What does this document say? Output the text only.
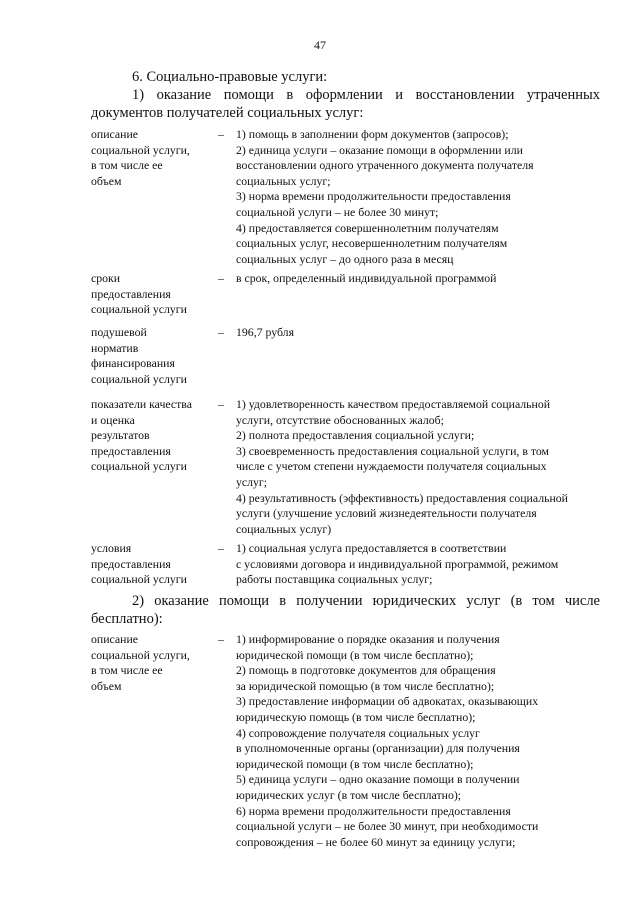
47
6. Социально-правовые услуги:
1) оказание помощи в оформлении и восстановлении утраченных
документов получателей социальных услуг:
описание
социальной услуги,
в том числе ее
объем
– 1) помощь в заполнении форм документов (запросов);
2) единица услуги – оказание помощи в оформлении или
восстановлении одного утраченного документа получателя
социальных услуг;
3) норма времени продолжительности предоставления
социальной услуги – не более 30 минут;
4) предоставляется совершеннолетним получателям
социальных услуг, несовершеннолетним получателям
социальных услуг – до одного раза в месяц
сроки
предоставления
социальной услуги
– в срок, определенный индивидуальной программой
подушевой
норматив
финансирования
социальной услуги
– 196,7 рубля
показатели качества
и оценка
результатов
предоставления
социальной услуги
– 1) удовлетворенность качеством предоставляемой социальной
услуги, отсутствие обоснованных жалоб;
2) полнота предоставления социальной услуги;
3) своевременность предоставления социальной услуги, в том
числе с учетом степени нуждаемости получателя социальных
услуг;
4) результативность (эффективность) предоставления социальной
услуги (улучшение условий жизнедеятельности получателя
социальных услуг)
условия
предоставления
социальной услуги
– 1) социальная услуга предоставляется в соответствии
с условиями договора и индивидуальной программой, режимом
работы поставщика социальных услуг;
2) оказание помощи в получении юридических услуг (в том числе
бесплатно):
описание
социальной услуги,
в том числе ее
объем
– 1) информирование о порядке оказания и получения
юридической помощи (в том числе бесплатно);
2) помощь в подготовке документов для обращения
за юридической помощью (в том числе бесплатно);
3) предоставление информации об адвокатах, оказывающих
юридическую помощь (в том числе бесплатно);
4) сопровождение получателя социальных услуг
в уполномоченные органы (организации) для получения
юридической помощи (в том числе бесплатно);
5) единица услуги – одно оказание помощи в получении
юридических услуг (в том числе бесплатно);
6) норма времени продолжительности предоставления
социальной услуги – не более 30 минут, при необходимости
сопровождения – не более 60 минут за единицу услуги;
